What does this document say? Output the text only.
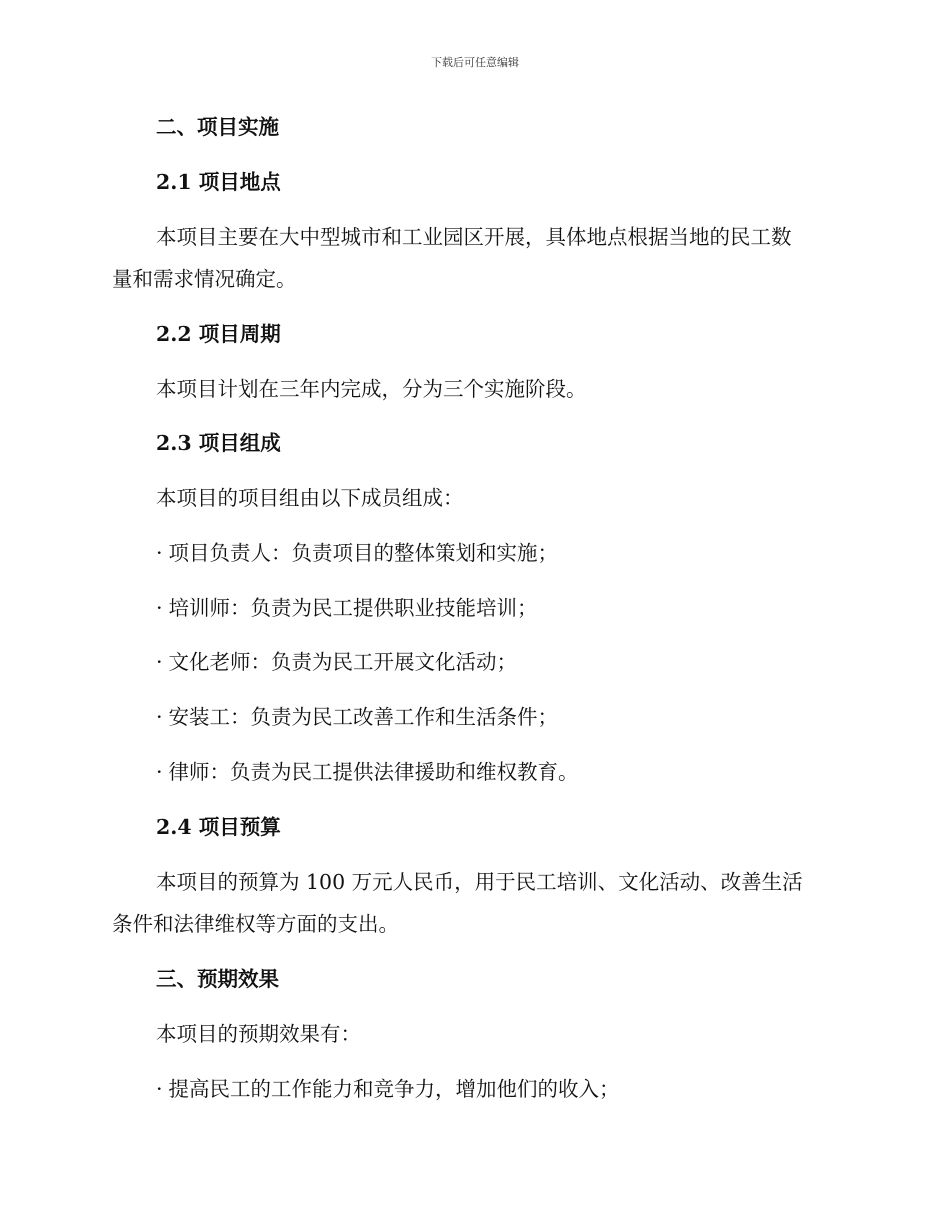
下载后可任意编辑
二、项目实施
2.1 项目地点
本项目主要在大中型城市和工业园区开展，具体地点根据当地的民工数
量和需求情况确定。
2.2 项目周期
本项目计划在三年内完成，分为三个实施阶段。
2.3 项目组成
本项目的项目组由以下成员组成：
· 项目负责人：负责项目的整体策划和实施；
· 培训师：负责为民工提供职业技能培训；
· 文化老师：负责为民工开展文化活动；
· 安装工：负责为民工改善工作和生活条件；
· 律师：负责为民工提供法律援助和维权教育。
2.4 项目预算
本项目的预算为 100 万元人民币，用于民工培训、文化活动、改善生活
条件和法律维权等方面的支出。
三、预期效果
本项目的预期效果有：
· 提高民工的工作能力和竞争力，增加他们的收入；
